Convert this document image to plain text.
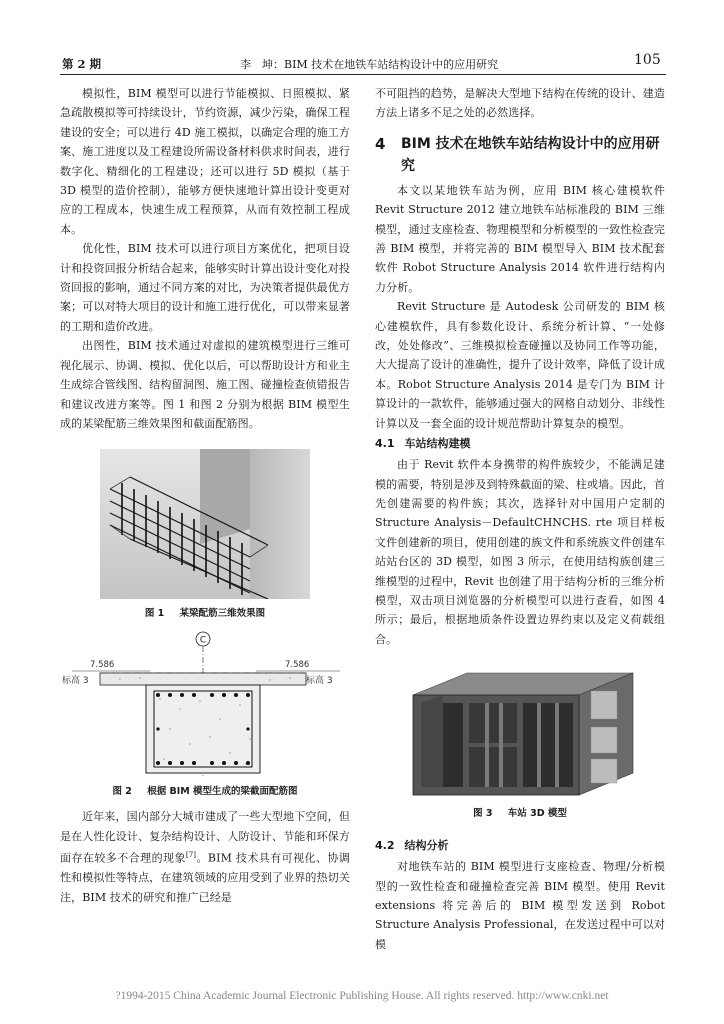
第 2 期	李　坤：BIM 技术在地铁车站结构设计中的应用研究	105

模拟性，BIM 模型可以进行节能模拟、日照模拟、紧急疏散模拟等可持续设计，节约资源，减少污染，确保工程建设的安全；可以进行 4D 施工模拟，以确定合理的施工方案、施工进度以及工程建设所需设备材料供求时间表，进行数字化、精细化的工程建设；还可以进行 5D 模拟（基于 3D 模型的造价控制），能够方便快速地计算出设计变更对应的工程成本，快速生成工程预算，从而有效控制工程成本。

优化性，BIM 技术可以进行项目方案优化，把项目设计和投资回报分析结合起来，能够实时计算出设计变化对投资回报的影响，通过不同方案的对比，为决策者提供最优方案；可以对特大项目的设计和施工进行优化，可以带来显著的工期和造价改进。

出图性，BIM 技术通过对虚拟的建筑模型进行三维可视化展示、协调、模拟、优化以后，可以帮助设计方和业主生成综合管线图、结构留洞图、施工图、碰撞检查侦错报告和建议改进方案等。图 1 和图 2 分别为根据 BIM 模型生成的某梁配筋三维效果图和截面配筋图。

图 1 某梁配筋三维效果图
C
7.586	7.586
标高 3	标高 3
图 2 根据 BIM 模型生成的梁截面配筋图

近年来，国内部分大城市建成了一些大型地下空间，但是在人性化设计、复杂结构设计、人防设计、节能和环保方面存在较多不合理的现象[7]。BIM 技术具有可视化、协调性和模拟性等特点，在建筑领域的应用受到了业界的热切关注，BIM 技术的研究和推广已经是

不可阻挡的趋势，是解决大型地下结构在传统的设计、建造方法上诸多不足之处的必然选择。

4	BIM 技术在地铁车站结构设计中的应用研究

本文以某地铁车站为例，应用 BIM 核心建模软件 Revit Structure 2012 建立地铁车站标准段的 BIM 三维模型，通过支座检查、物理模型和分析模型的一致性检查完善 BIM 模型，并将完善的 BIM 模型导入 BIM 技术配套软件 Robot Structure Analysis 2014 软件进行结构内力分析。

Revit Structure 是 Autodesk 公司研发的 BIM 核心建模软件，具有参数化设计、系统分析计算、“一处修改，处处修改”、三维模拟检查碰撞以及协同工作等功能，大大提高了设计的准确性，提升了设计效率，降低了设计成本。Robot Structure Analysis 2014 是专门为 BIM 计算设计的一款软件，能够通过强大的网格自动划分、非线性计算以及一套全面的设计规范帮助计算复杂的模型。

4.1 车站结构建模

由于 Revit 软件本身携带的构件族较少，不能满足建模的需要，特别是涉及到特殊截面的梁、柱或墙。因此，首先创建需要的构件族；其次，选择针对中国用户定制的 Structure Analysis－DefaultCHNCHS. rte 项目样板文件创建新的项目，使用创建的族文件和系统族文件创建车站站台区的 3D 模型，如图 3 所示，在使用结构族创建三维模型的过程中，Revit 也创建了用于结构分析的三维分析模型，双击项目浏览器的分析模型可以进行查看，如图 4 所示；最后，根据地质条件设置边界约束以及定义荷载组合。

图 3 车站 3D 模型
4.2 结构分析

对地铁车站的 BIM 模型进行支座检查、物理/分析模型的一致性检查和碰撞检查完善 BIM 模型。使用 Revit extensions 将完善后的 BIM 模型发送到 Robot Structure Analysis Professional，在发送过程中可以对模

?1994-2015 China Academic Journal Electronic Publishing House. All rights reserved. http://www.cnki.net
